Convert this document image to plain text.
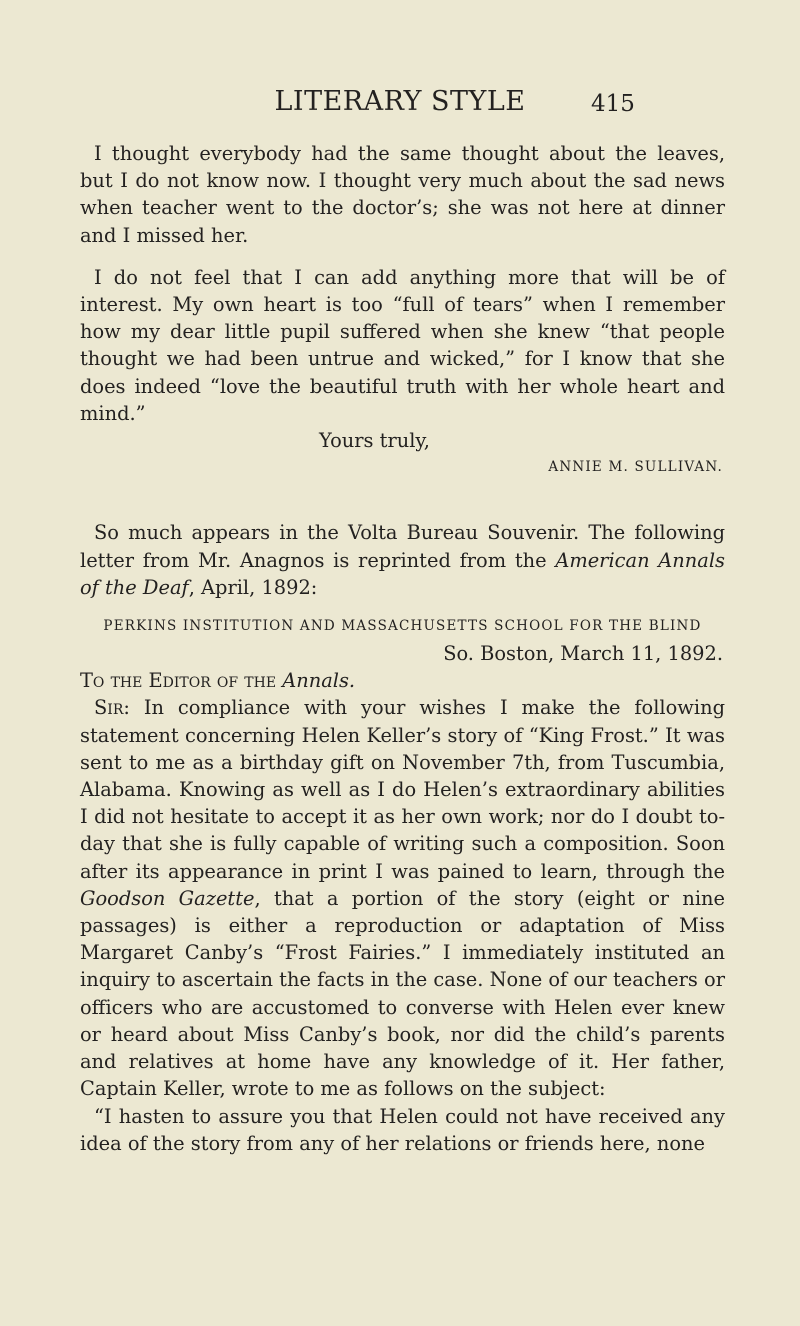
LITERARY STYLE	415

I thought everybody had the same thought about the leaves, but I do not know now. I thought very much about the sad news when teacher went to the doctor’s; she was not here at dinner and I missed her.

I do not feel that I can add anything more that will be of interest. My own heart is too “full of tears” when I remember how my dear little pupil suffered when she knew “that people thought we had been untrue and wicked,” for I know that she does indeed “love the beautiful truth with her whole heart and mind.”

Yours truly,

ANNIE M. SULLIVAN.

So much appears in the Volta Bureau Souvenir. The following letter from Mr. Anagnos is reprinted from the American Annals of the Deaf, April, 1892:

PERKINS INSTITUTION AND MASSACHUSETTS SCHOOL FOR THE BLIND

So. Boston, March 11, 1892.

To the Editor of the Annals.

Sir: In compliance with your wishes I make the following statement concerning Helen Keller’s story of “King Frost.” It was sent to me as a birthday gift on November 7th, from Tuscumbia, Alabama. Knowing as well as I do Helen’s extraordinary abilities I did not hesitate to accept it as her own work; nor do I doubt to-day that she is fully capable of writing such a composition. Soon after its appearance in print I was pained to learn, through the Goodson Gazette, that a portion of the story (eight or nine passages) is either a reproduction or adaptation of Miss Margaret Canby’s “Frost Fairies.” I immediately instituted an inquiry to ascertain the facts in the case. None of our teachers or officers who are accustomed to converse with Helen ever knew or heard about Miss Canby’s book, nor did the child’s parents and relatives at home have any knowledge of it. Her father, Captain Keller, wrote to me as follows on the subject:

“I hasten to assure you that Helen could not have received any idea of the story from any of her relations or friends here, none
